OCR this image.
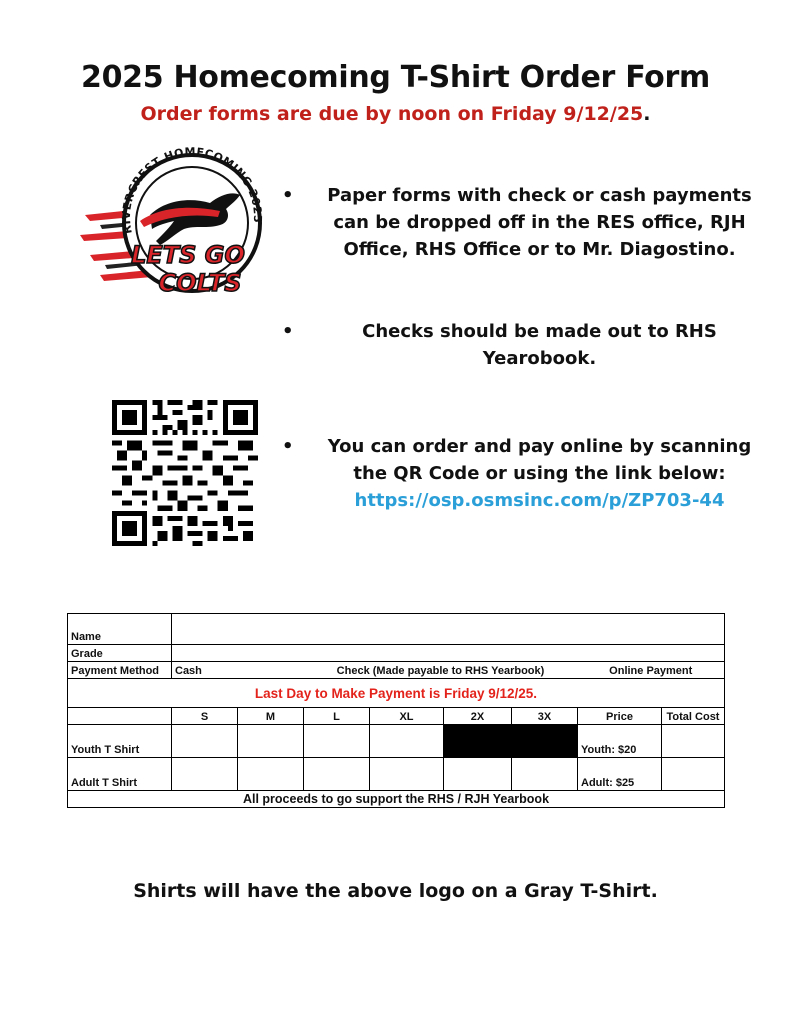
2025 Homecoming T-Shirt Order Form
Order forms are due by noon on Friday 9/12/25.
RIVERCREST HOMECOMING 2025
LETS GO
COLTS
•	Paper forms with check or cash payments can be dropped off in the RES office, RJH Office, RHS Office or to Mr. Diagostino.
•	Checks should be made out to RHS Yearobook.
•	You can order and pay online by scanning the QR Code or using the link below:
https://osp.osmsinc.com/p/ZP703-44
Name								
Grade								
Payment Method	Cash		Check (Made payable to RHS Yearbook)				Online Payment	
Last Day to Make Payment is Friday 9/12/25.								
	S	M	L	XL	2X	3X	Price	Total Cost
Youth T Shirt							Youth: $20	
Adult T Shirt							Adult: $25	
All proceeds to go support the RHS / RJH Yearbook								
Shirts will have the above logo on a Gray T-Shirt.
